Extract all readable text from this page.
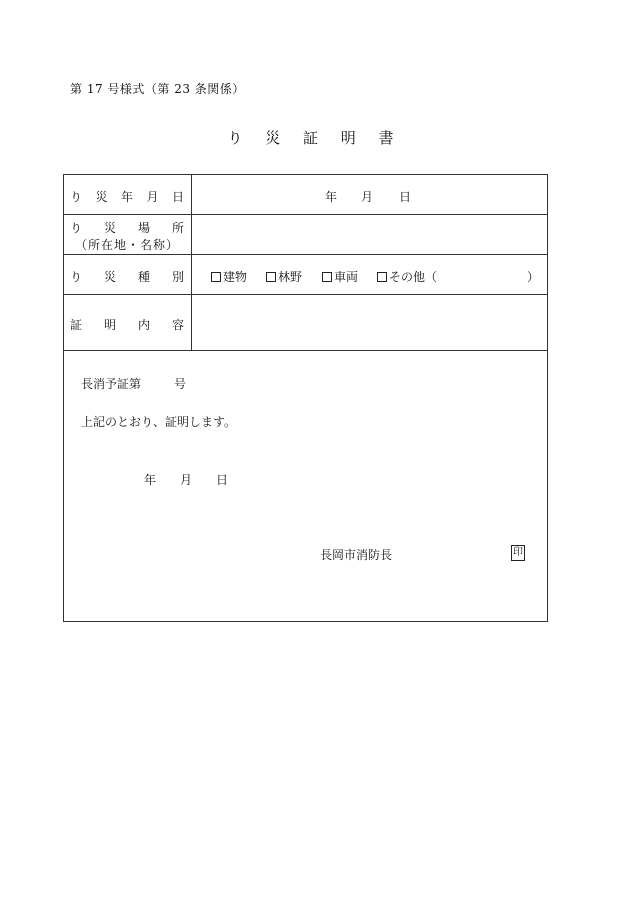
第 17 号様式（第 23 条関係）
り 災 証 明 書
り 災 年 月 日	年 月 日
り 災 場 所
（所在地・名称）
り 災 種 別	建物	林野	車両	その他（	）
証 明 内 容
長消予証第	号
上記のとおり、証明します。
年 月 日
長岡市消防長	印
